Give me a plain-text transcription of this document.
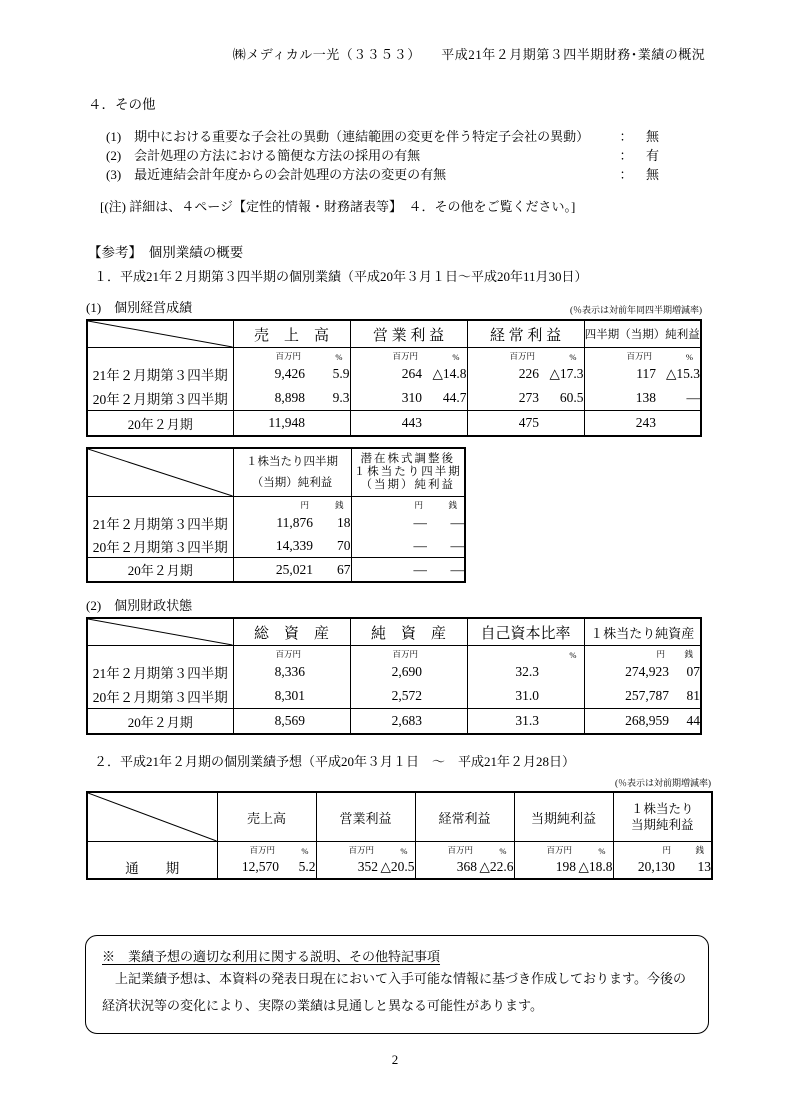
㈱メディカル一光（３３５３）　　平成21年２月期第３四半期財務･業績の概況
４．その他
(1)　期中における重要な子会社の異動（連結範囲の変更を伴う特定子会社の異動）	：	無
(2)　会計処理の方法における簡便な方法の採用の有無	：	有
(3)　最近連結会計年度からの会計処理の方法の変更の有無	：	無
[(注) 詳細は、４ページ【定性的情報・財務諸表等】　４．その他をご覧ください。]
【参考】　個別業績の概要
１．平成21年２月期第３四半期の個別業績（平成20年３月１日～平成20年11月30日）
(1)　個別経営成績	(％表示は対前年同四半期増減率)
	売　上　高		営 業 利 益		経 常 利 益		四半期（当期）純利益	
	百万円	%	百万円	%	百万円	%	百万円	%
21年２月期第３四半期	9,426	5.9	264	△14.8	226	△17.3	117	△15.3
20年２月期第３四半期	8,898	9.3	310	44.7	273	60.5	138	―
20年２月期	11,948		443		475		243	

１株当たり四半期
（当期）純利益

潜在株式調整後
１株当たり四半期
（当期）純利益

	円	銭	円	銭
21年２月期第３四半期	11,876	18	―	―
20年２月期第３四半期	14,339	70	―	―
20年２月期	25,021	67	―	―
(2)　個別財政状態
	総　資　産		純　資　産		自己資本比率		１株当たり純資産	
	百万円		百万円			%	円	銭
21年２月期第３四半期	8,336		2,690		32.3		274,923	07
20年２月期第３四半期	8,301		2,572		31.0		257,787	81
20年２月期	8,569		2,683		31.3		268,959	44
２．平成21年２月期の個別業績予想（平成20年３月１日　～　平成21年２月28日）
(％表示は対前期増減率)
	売上高		営業利益		経常利益		当期純利益		１株当たり
当期純利益	

	百万円	%	百万円	%	百万円	%	百万円	%	円	銭
通　　期	12,570	5.2	352	△20.5	368	△22.6	198	△18.8	20,130	13
※　業績予想の適切な利用に関する説明、その他特記事項
　上記業績予想は、本資料の発表日現在において入手可能な情報に基づき作成しております。今後の
経済状況等の変化により、実際の業績は見通しと異なる可能性があります。
2
